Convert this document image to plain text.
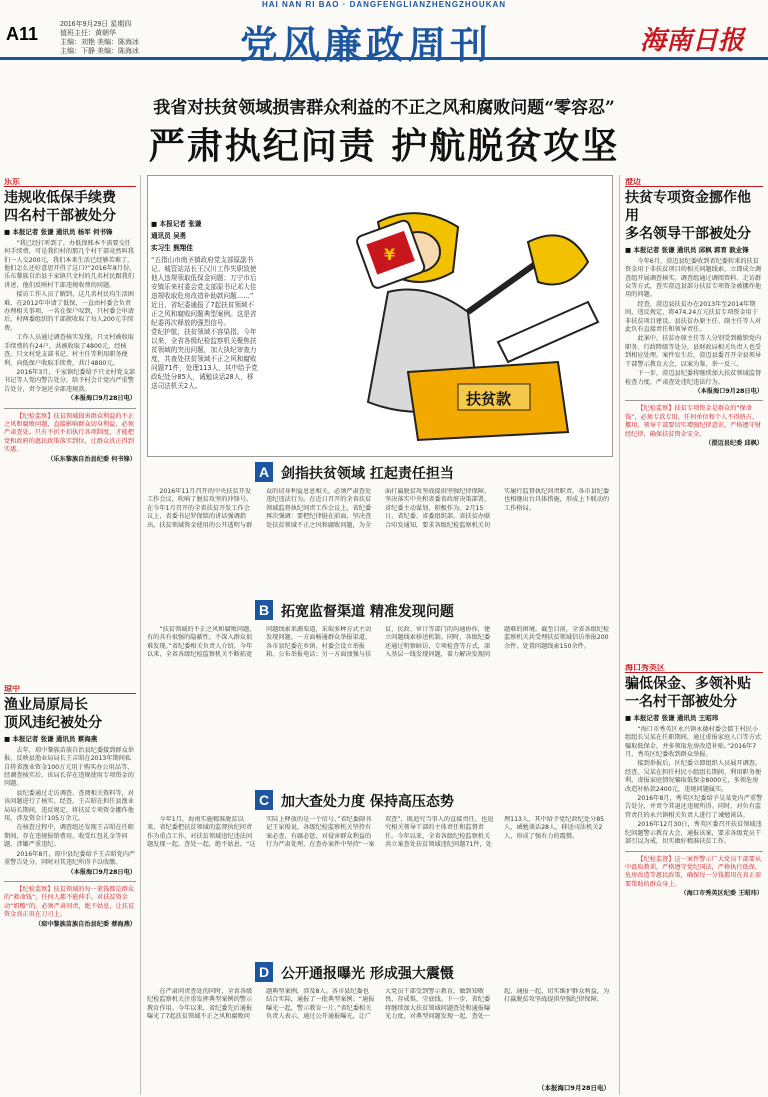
HAI NAN RI BAO · DANGFENGLIANZHENGZHOUKAN
A11	2016年9月29日 星期四
值班主任：黄朝华
主编：刘艳 美编：陈海冰
主编：下静 美编：陈海冰	党风廉政周刊	海南日报
我省对扶贫领域损害群众利益的不正之风和腐败问题“零容忍”
严肃执纪问责 护航脱贫攻坚
乐东
违规收低保手续费
四名村干部被处分
■ 本报记者 张谦 通讯员 杨军 何书锋

“我已经打听到了，办低保账本不需要交任何手续费，可是我们村的那几个村干部竟然叫我们一人交200元，我们本来生活已经够苦难了，他们怎么还好意思开得了这口?”2016年8月份，乐东黎族自治县千家镇只文村的几名村民跟我们讲述，他们反映村干部违规收费的问题。

接访工作人员了解到，这几名村民均生活困难，在2012年申请了低保，一直由村委会负责办理相关事项，一名在保户叹到，只村委会申请后，村两委组织的干部就收取了每人200元手续费。

工作人员通过调查核实发现，只文村被收取手续费的有24户，共被收取了4800元。经核查，只文村党支部书记、村主任等利用职务便利，向低保户收取手续费，共计4800元。

2016年3月，千家镇纪委给予只文村党支部书记等人党内警告处分，给予村会计党内严重警告处分，责令退还全部违规款。

（本报海口9月28日电）

【纪检监察】扶贫领域损害群众利益的不正之风和腐败问题，直接影响群众切身利益，必须严肃查处。只有不折不扣执行各项制度，才能把党和政府的惠民政策落实到位，让群众真正得到实惠。

（乐东黎族自治县纪委 何书锋）
琼中
渔业局原局长
顶风违纪被处分
■ 本报记者 张谦 通讯员 蔡海燕

去年，琼中黎族苗族自治县纪委接到群众举报，反映县渔业局局长王吉昭在2013年期间私自将省渔业资金100万元用于购买办公用品等，经调查核实后，该局长存在违规使用专项资金的问题。

县纪委通过走访调查、查阅相关资料等，对该问题进行了核实。经查，王吉昭在担任县渔业局局长期间，违反规定，将扶贫专项资金挪作他用，涉及资金计105万余元。

在核查过程中，调查组还发现王吉昭在任职期间，存在违规报销费用、收受红包礼金等问题，涉嫌严重违纪。

2016年8月，琼中县纪委给予王吉昭党内严重警告处分，同时对其违纪所得予以收缴。

（本报海口9月28日电）

【纪检监察】扶贫领域的每一笔钱都是群众的“救命钱”，任何人都不能伸手。对扶贫资金动“奶酪”的，必须严肃问责，绝不姑息，让扶贫资金真正用在刀刃上。

（琼中黎族苗族自治县纪委 蔡海燕）
■ 本报记者 张谦
通讯员 吴勇
实习生 熊翔佳

“五指山市南圣镇政府党支部原副书记、城管站站长王汉川工作失职致使他人违规领取低保金问题；万宁市后安镇乐来村委会党支部原书记邓大佳违规收取危房改造补助款问题……”

近日，省纪委通报了7起扶贫领域不正之风和腐败问题典型案例。这是省纪委再次释放的强烈信号。

党纪护航，扶贫领域不容染指。今年以来，全省各级纪检监察机关聚焦扶贫领域的突出问题，加大执纪审查力度，共查处扶贫领域不正之风和腐败问题71件，处理113人，其中给予党政纪处分85人，诫勉谈话28人，移送司法机关2人。

¥
扶贫款
A 剑指扶贫领域 扛起责任担当

2016年11月召开的中央扶贫开发工作会议，吹响了脱贫攻坚的冲锋号。在今年1月召开的全省扶贫开发工作会议上，省委书记罗保铭的讲话强调指出，扶贫领域资金使用的公开透明与群众的切身利益息息相关，必须严肃查处违纪违法行为。在近日召开的全省扶贫领域监督执纪问责工作会议上，省纪委再次强调：要把纪律挺在前面，坚决查处扶贫领域不正之风和腐败问题，为全面打赢脱贫攻坚战提供坚强纪律保障。坚决落实中央和省委省政府决策部署，省纪委主动谋划、积极作为。2月15日，省纪委、省委组织部、省扶贫办联合印发通知，要求各级纪检监察机关切实履行监督执纪问责职责。各市县纪委也相继出台具体措施，形成上下联动的工作格局。

B 拓宽监督渠道 精准发现问题

“扶贫领域的不正之风和腐败问题，有的具有很强的隐蔽性，不深入群众很难发现。”省纪委相关负责人介绍，今年以来，全省各级纪检监察机关不断拓宽问题线索来源渠道，采取多种方式主动发现问题。一方面畅通群众举报渠道，各市县纪委在乡镇、村委会设立举报箱、公布举报电话；另一方面加强与扶贫、民政、审计等部门的沟通协作，建立问题线索移送机制。同时，各级纪委还通过明察暗访、专项检查等方式，深入基层一线发现问题，着力解决发现问题难的困境。截至目前，全省各级纪检监察机关共受理扶贫领域信访举报200余件，处置问题线索150余件。

C 加大查处力度 保持高压态势

今年1月，海南实施精准脱贫以来，省纪委把扶贫领域的监督执纪问责作为重点工作，对扶贫领域违纪违法问题发现一起、查处一起，绝不姑息。“这实际上释放的是一个信号。”省纪委副书记王家俊说，各级纪检监察机关坚持有案必查、有腐必惩，对侵害群众利益的行为严肃处理，在查办案件中坚持“一案双查”，既追究当事人的直接责任，也追究相关领导干部的主体责任和监督责任。今年以来，全省各级纪检监察机关共立案查处扶贫领域违纪问题71件，处理113人，其中给予党纪政纪处分85人，诫勉谈话28人，移送司法机关2人，形成了强有力的震慑。

D 公开通报曝光 形成强大震慑

在严肃问责查处的同时，全省各级纪检监察机关注重发挥典型案例的警示教育作用。今年以来，省纪委先后通报曝光了7起扶贫领域不正之风和腐败问题典型案例，涉及8人。各市县纪委也结合实际，通报了一批典型案例。“通报曝光一起，警示教育一片。”省纪委相关负责人表示，通过公开通报曝光，让广大党员干部受到警示教育，做到知敬畏、存戒惧、守底线。下一步，省纪委将继续加大扶贫领域问题查处和通报曝光力度，对典型问题发现一起、查处一起、通报一起，切实维护群众利益，为打赢脱贫攻坚战提供坚强纪律保障。

（本报海口9月28日电）
澄迈
扶贫专项资金挪作他用
多名领导干部被处分
■ 本报记者 张谦 通讯员 邱枫 郭育 敦业锋

今年6月，澄迈县纪委收到省纪委转来的扶贫资金用于非扶贫项目的相关问题线索，立即成立调查组开展调查核实。调查组通过调阅资料、走访群众等方式，查实澄迈县部分扶贫专项资金被挪作他用的问题。

经查，澄迈县扶贫办在2013年至2014年期间，违反规定，将474.24万元扶贫专项资金用于非扶贫项目建设。县扶贫办原主任、副主任等人对此负有直接责任和领导责任。

此案中，扶贫办原主任等人分别受到撤销党内职务、行政降级等处分，县财政局相关负责人也受到相应处理。案件发生后，澄迈县委召开全县领导干部警示教育大会，以案为鉴、举一反三。

下一步，澄迈县纪委将继续加大扶贫领域监督检查力度，严肃查处违纪违法行为。

（本报海口9月28日电）

【纪检监察】扶贫专项资金是群众的“保命钱”，必须专款专用，任何单位和个人不得挤占、挪用。领导干部要切实增强纪律意识，严格遵守财经纪律，确保扶贫资金安全。

（澄迈县纪委 邱枫）
海口秀英区
骗低保金、多领补贴
一名村干部被处分
■ 本报记者 张谦 通讯员 王昭玮

“海口市秀英区永兴镇永德村委会儒王村民小组组长吴某在任职期间，通过虚报家庭人口等方式骗取低保金，并多领取危房改造补贴。”2016年7月，秀英区纪委收到群众举报。

接到举报后，区纪委立即组织人员展开调查。经查，吴某在担任村民小组组长期间，利用职务便利，虚报家庭情况骗取低保金8000元，多领危房改造补贴款2400元，违规问题属实。

2016年8月，秀英区纪委给予吴某党内严重警告处分，并责令其退还违规所得。同时，对负有监管责任的永兴镇相关负责人进行了诫勉谈话。

2016年12月30日，秀英区委召开扶贫领域违纪问题警示教育大会，通报该案，要求各级党员干部引以为戒，切实做好精准扶贫工作。

【纪检监督】这一案件警示广大党员干部要从中汲取教训，严格遵守党纪国法，严格执行低保、危房改造等惠民政策，确保每一分钱都用在真正需要帮助的群众身上。

（海口市秀英区纪委 王昭玮）
